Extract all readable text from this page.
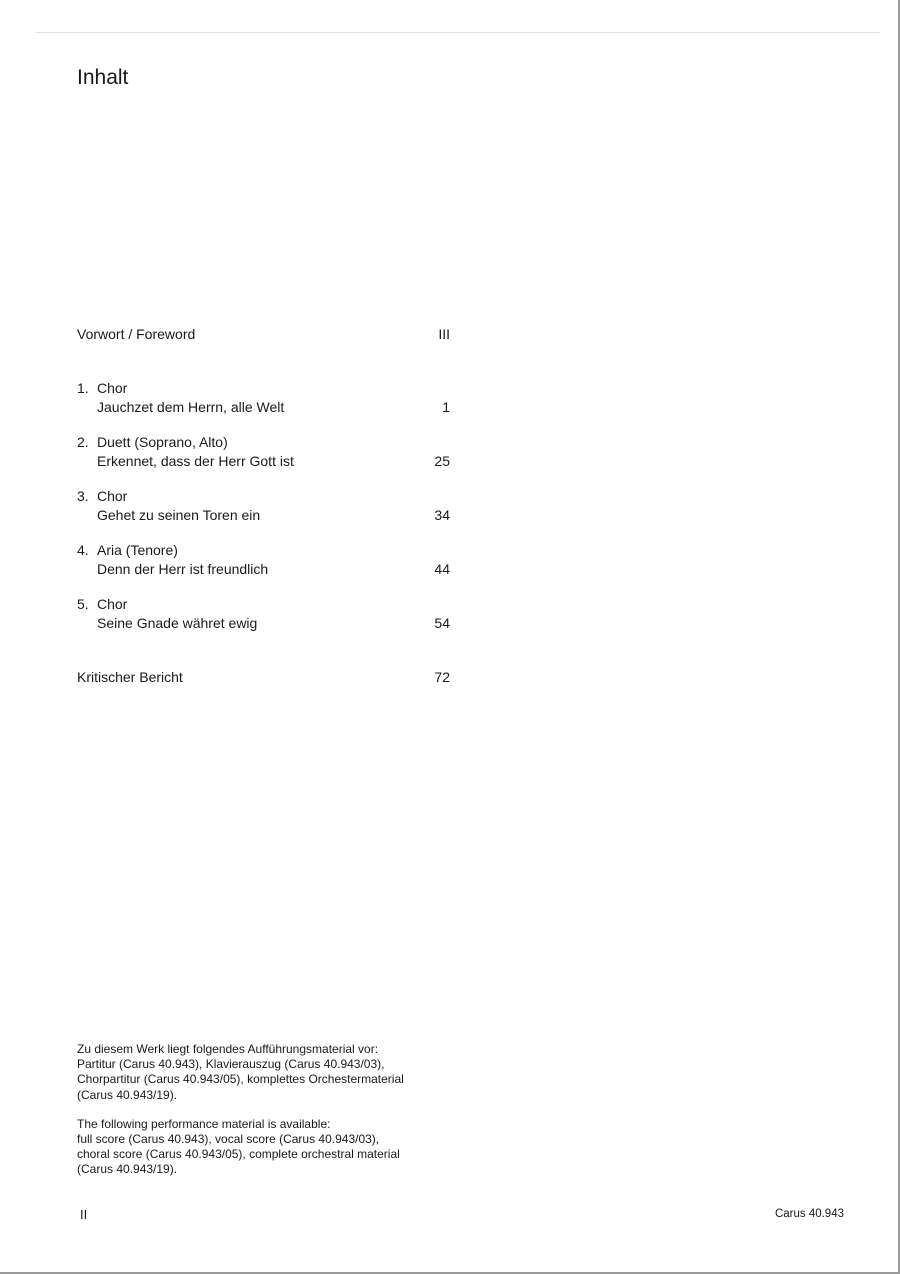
Inhalt
Vorwort / Foreword	III
1. Chor
Jauchzet dem Herrn, alle Welt	1
2. Duett (Soprano, Alto)
Erkennet, dass der Herr Gott ist	25
3. Chor
Gehet zu seinen Toren ein	34
4. Aria (Tenore)
Denn der Herr ist freundlich	44
5. Chor
Seine Gnade währet ewig	54
Kritischer Bericht	72

Zu diesem Werk liegt folgendes Aufführungsmaterial vor:
Partitur (Carus 40.943), Klavierauszug (Carus 40.943/03),
Chorpartitur (Carus 40.943/05), komplettes Orchestermaterial
(Carus 40.943/19).

The following performance material is available:
full score (Carus 40.943), vocal score (Carus 40.943/03),
choral score (Carus 40.943/05), complete orchestral material
(Carus 40.943/19).

II	Carus 40.943
